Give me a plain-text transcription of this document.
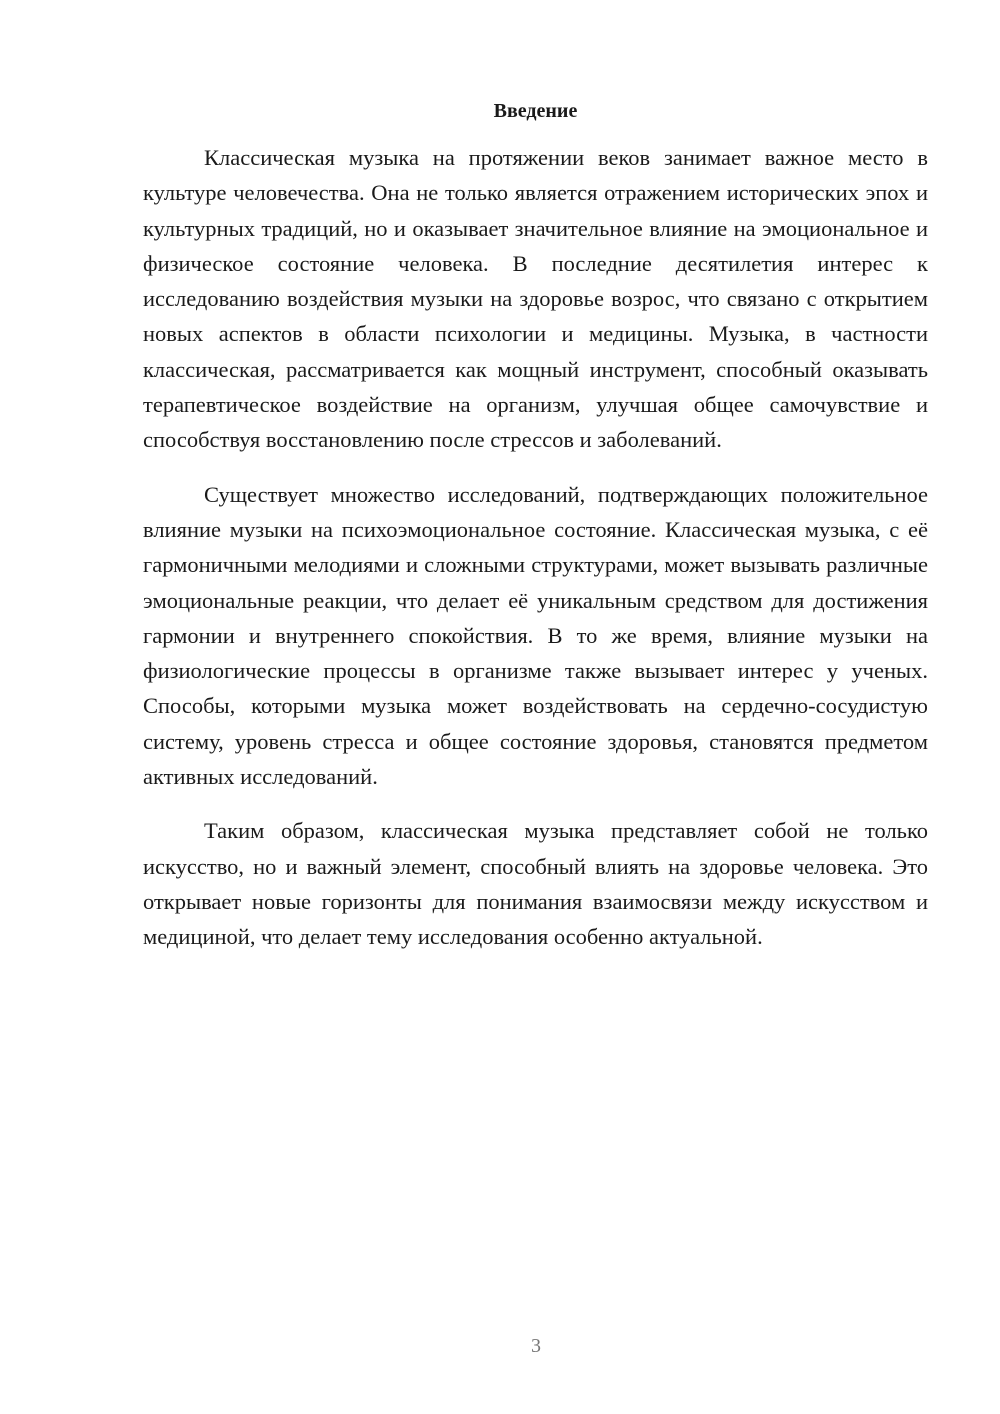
Введение

Классическая музыка на протяжении веков занимает важное место в культуре человечества. Она не только является отражением исторических эпох и культурных традиций, но и оказывает значительное влияние на эмоциональное и физическое состояние человека. В последние десятилетия интерес к исследованию воздействия музыки на здоровье возрос, что связано с открытием новых аспектов в области психологии и медицины. Музыка, в частности классическая, рассматривается как мощный инструмент, способный оказывать терапевтическое воздействие на организм, улучшая общее самочувствие и способствуя восстановлению после стрессов и заболеваний.

Существует множество исследований, подтверждающих положительное влияние музыки на психоэмоциональное состояние. Классическая музыка, с её гармоничными мелодиями и сложными структурами, может вызывать различные эмоциональные реакции, что делает её уникальным средством для достижения гармонии и внутреннего спокойствия. В то же время, влияние музыки на физиологические процессы в организме также вызывает интерес у ученых. Способы, которыми музыка может воздействовать на сердечно-сосудистую систему, уровень стресса и общее состояние здоровья, становятся предметом активных исследований.

Таким образом, классическая музыка представляет собой не только искусство, но и важный элемент, способный влиять на здоровье человека. Это открывает новые горизонты для понимания взаимосвязи между искусством и медициной, что делает тему исследования особенно актуальной.

3
